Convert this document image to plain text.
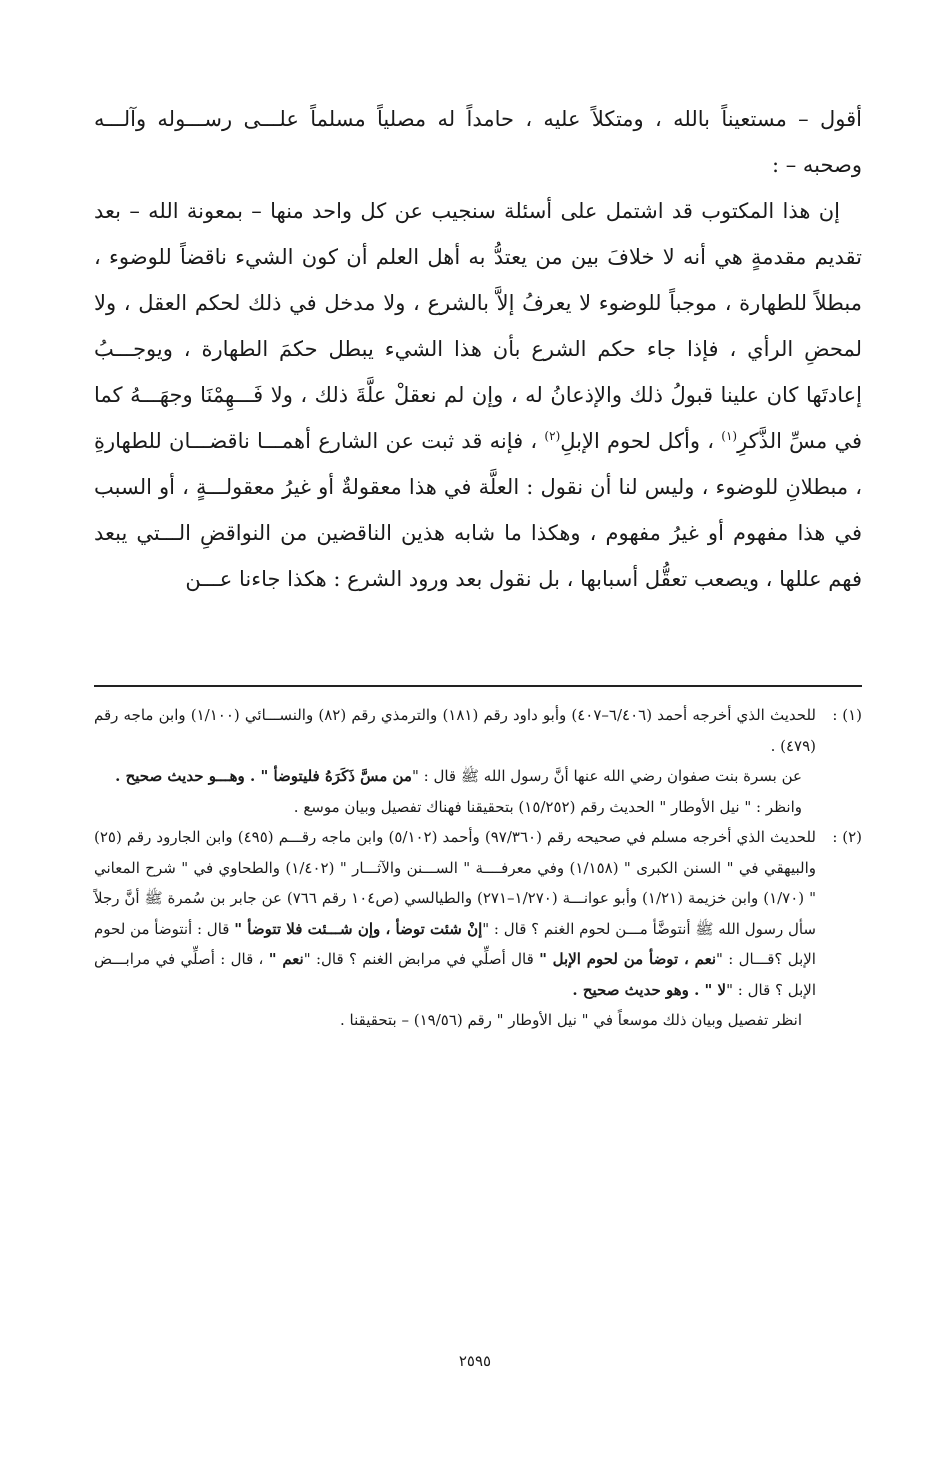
أقول – مستعيناً بالله ، ومتكلاً عليه ، حامداً له مصلياً مسلماً علـــى رســـوله وآلـــه وصحبه – :

إن هذا المكتوب قد اشتمل على أسئلة سنجيب عن كل واحد منها – بمعونة الله – بعد تقديم مقدمةٍ هي أنه لا خلافَ بين من يعتدُّ به أهل العلم أن كون الشيء ناقضاً للوضوء ، مبطلاً للطهارة ، موجباً للوضوء لا يعرفُ إلاَّ بالشرع ، ولا مدخل في ذلك لحكم العقل ، ولا لمحضِ الرأي ، فإذا جاء حكم الشرع بأن هذا الشيء يبطل حكمَ الطهارة ، ويوجـــبُ إعادتَها كان علينا قبولُ ذلك والإذعانُ له ، وإن لم نعقلْ علَّةَ ذلك ، ولا فَـــهِمْنَا وجهَـــهُ كما في مسِّ الذَّكرِ$^{(١)}$ ، وأكل لحوم الإبلِ$^{(٢)}$ ، فإنه قد ثبت عن الشارع أهمـــا ناقضـــان للطهارةِ ، مبطلانِ للوضوء ، وليس لنا أن نقول : العلَّة في هذا معقولةٌ أو غيرُ معقولـــةٍ ، أو السبب في هذا مفهوم أو غيرُ مفهوم ، وهكذا ما شابه هذين الناقضين من النواقضِ الـــتي يبعد فهم عللها ، ويصعب تعقُّل أسبابها ، بل نقول بعد ورود الشرع : هكذا جاءنا عـــن

(١) :

للحديث الذي أخرجه أحمد (٦/٤٠٦–٤٠٧) وأبو داود رقم (١٨١) والترمذي رقم (٨٢) والنســـائي (١/١٠٠) وابن ماجه رقم (٤٧٩) .

عن بسرة بنت صفوان رضي الله عنها أنَّ رسول الله ﷺ قال : "من مسَّ ذَكَرَهُ فليتوضأ " . وهـــو حديث صحيح .

وانظر : " نيل الأوطار " الحديث رقم (١٥/٢٥٢) بتحقيقنا فهناك تفصيل وبيان موسع .

(٢) :

للحديث الذي أخرجه مسلم في صحيحه رقم (٩٧/٣٦٠) وأحمد (٥/١٠٢) وابن ماجه رقـــم (٤٩٥) وابن الجارود رقم (٢٥) والبيهقي في " السنن الكبرى " (١/١٥٨) وفي معرفــــة " الســـنن والآثـــار " (١/٤٠٢) والطحاوي في " شرح المعاني " (١/٧٠) وابن خزيمة (١/٢١) وأبو عوانـــة (١/٢٧٠–٢٧١) والطيالسي (ص١٠٤ رقم ٧٦٦) عن جابر بن سُمرة ﷺ أنَّ رجلاً سأل رسول الله ﷺ أنتوضَّأ مـــن لحوم الغنم ؟ قال : "إنْ شئت توضأ ، وإن شـــئت فلا تتوضأ " قال : أنتوضأ من لحوم الإبل ؟قـــال : "نعم ، توضأ من لحوم الإبل " قال أصلِّي في مرابض الغنم ؟ قال: "نعم " ، قال : أصلِّي في مرابـــض الإبل ؟ قال : "لا " . وهو حديث صحيح .

انظر تفصيل وبيان ذلك موسعاً في " نيل الأوطار " رقم (١٩/٥٦) – بتحقيقنا .

٢٥٩٥
